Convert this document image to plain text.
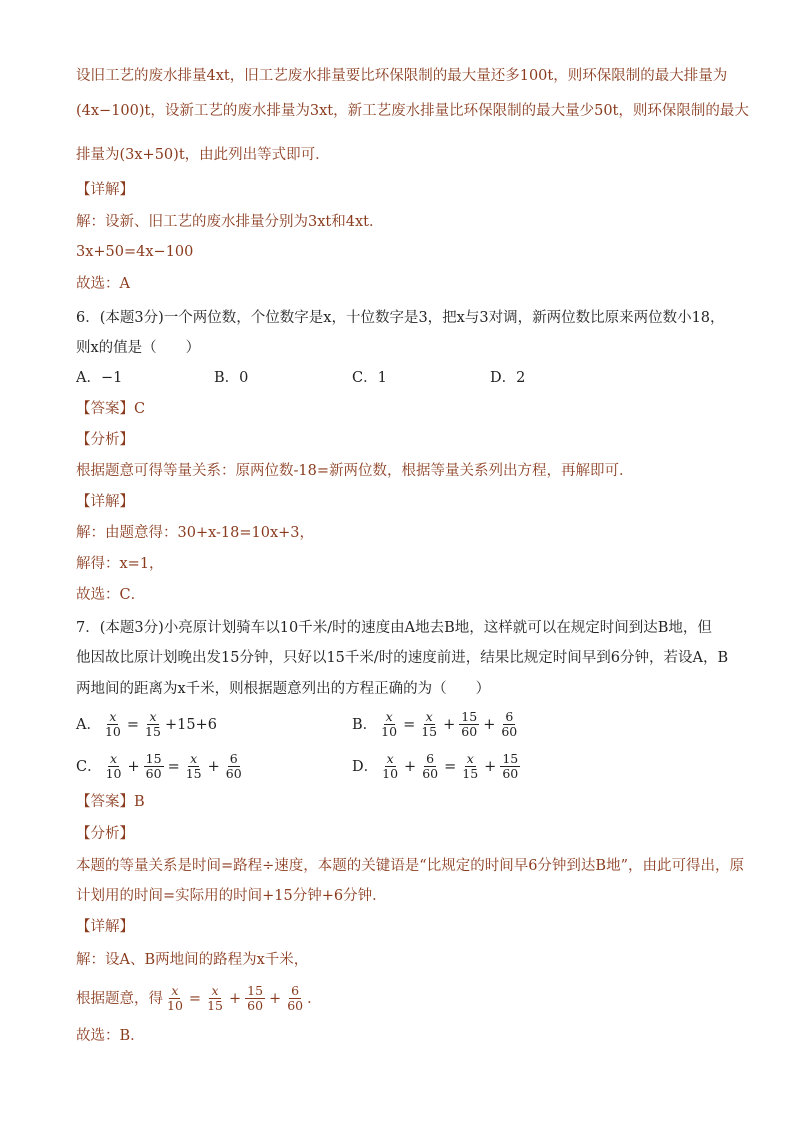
设旧工艺的废水排量4xt，旧工艺废水排量要比环保限制的最大量还多100t，则环保限制的最大排量为
(4x−100)t，设新工艺的废水排量为3xt，新工艺废水排量比环保限制的最大量少50t，则环保限制的最大
排量为(3x+50)t，由此列出等式即可．
【详解】
解：设新、旧工艺的废水排量分别为3xt和4xt．
3x+50=4x−100
故选：A
6．(本题3分)一个两位数，个位数字是x，十位数字是3，把x与3对调，新两位数比原来两位数小18，
则x的值是（　　）
A．−1	B．0	C．1	D．2
【答案】C
【分析】
根据题意可得等量关系：原两位数-18=新两位数，根据等量关系列出方程，再解即可．
【详解】
解：由题意得：30+x-18=10x+3，
解得：x=1，
故选：C．
7．(本题3分)小亮原计划骑车以10千米/时的速度由A地去B地，这样就可以在规定时间到达B地，但
他因故比原计划晚出发15分钟，只好以15千米/时的速度前进，结果比规定时间早到6分钟，若设A，B
两地间的距离为x千米，则根据题意列出的方程正确的为（　　）
A． $\frac{x}{10} = \frac{x}{15} +15+6$	B． $\frac{x}{10} = \frac{x}{15} + \frac{15}{60} + \frac{6}{60}$
C． $\frac{x}{10} + \frac{15}{60} = \frac{x}{15} + \frac{6}{60}$	D． $\frac{x}{10} + \frac{6}{60} = \frac{x}{15} + \frac{15}{60}$
【答案】B
【分析】
本题的等量关系是时间=路程÷速度，本题的关键语是“比规定的时间早6分钟到达B地”，由此可得出，原
计划用的时间=实际用的时间+15分钟+6分钟．
【详解】
解：设A、B两地间的路程为x千米，
根据题意，得 $\frac{x}{10} = \frac{x}{15} + \frac{15}{60} + \frac{6}{60}$ ．
故选：B．
